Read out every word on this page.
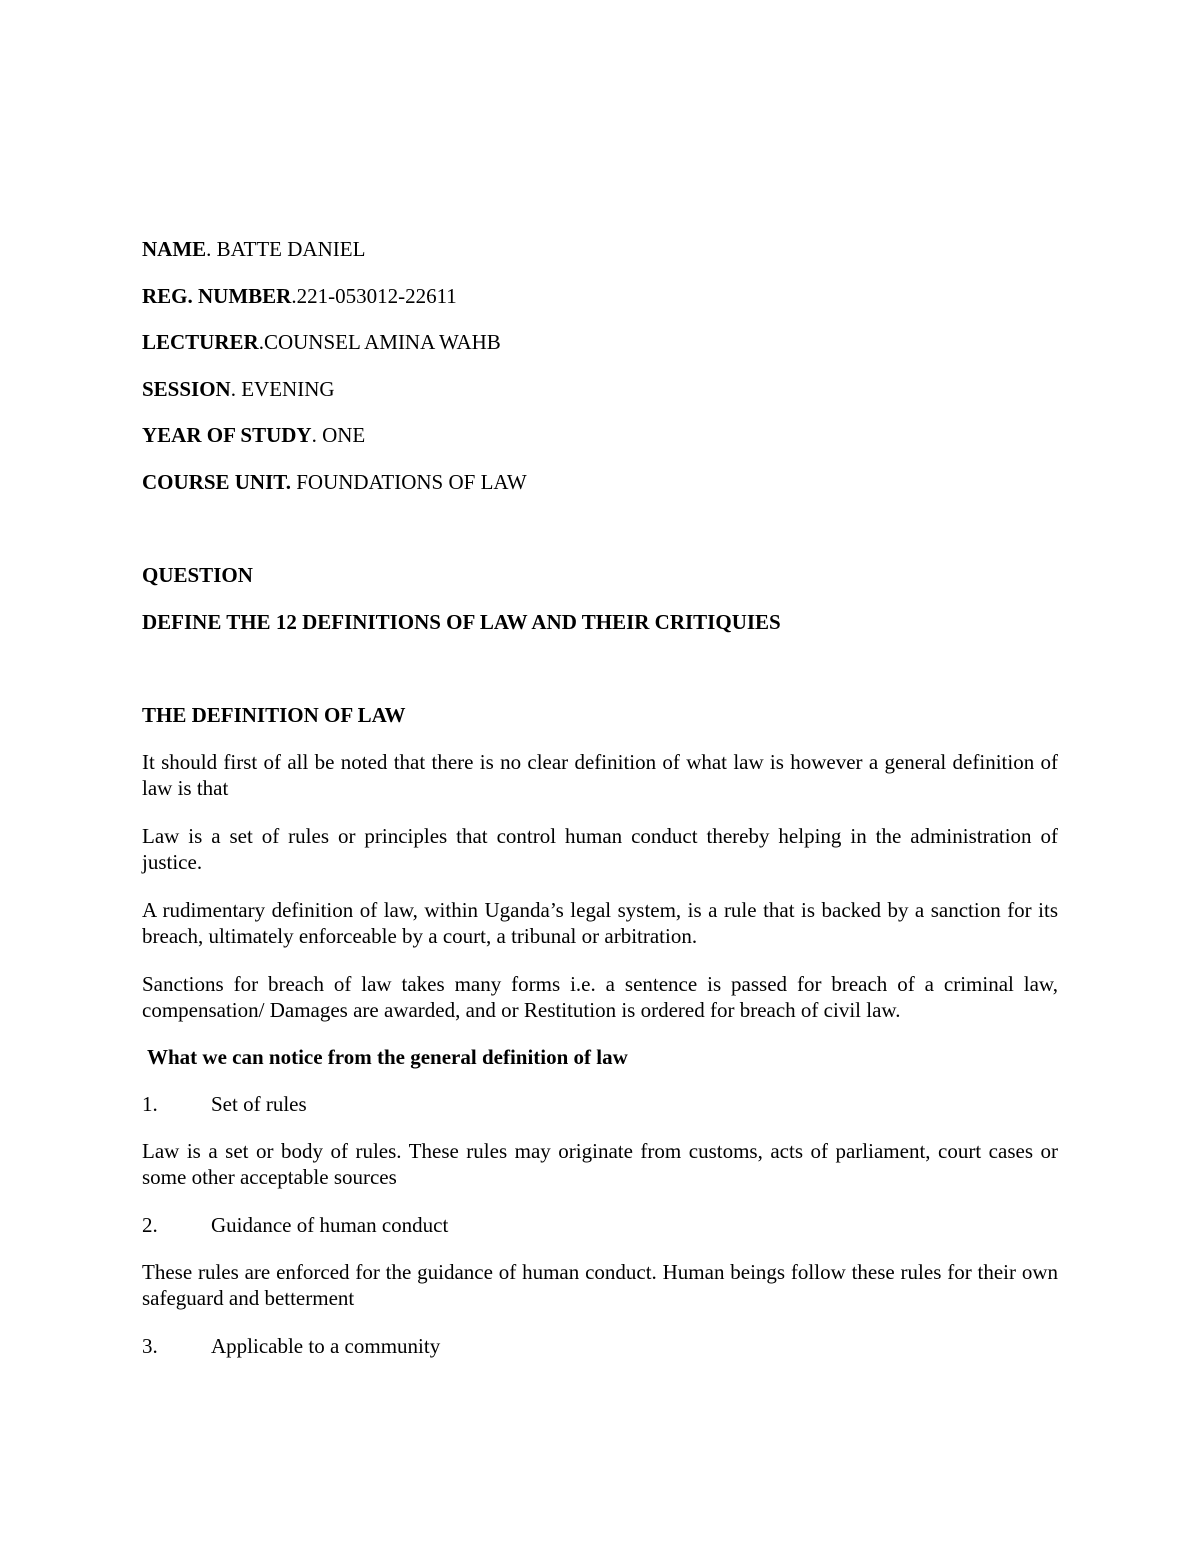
NAME. BATTE DANIEL
REG. NUMBER.221-053012-22611
LECTURER.COUNSEL AMINA WAHB
SESSION. EVENING
YEAR OF STUDY. ONE
COURSE UNIT. FOUNDATIONS OF LAW
QUESTION
DEFINE THE 12 DEFINITIONS OF LAW AND THEIR CRITIQUIES
THE DEFINITION OF LAW
It should first of all be noted that there is no clear definition of what law is however a general definition of law is that
Law is a set of rules or principles that control human conduct thereby helping in the administration of justice.
A rudimentary definition of law, within Uganda’s legal system, is a rule that is backed by a sanction for its breach, ultimately enforceable by a court, a tribunal or arbitration.
Sanctions for breach of law takes many forms i.e. a sentence is passed for breach of a criminal law, compensation/ Damages are awarded, and or Restitution is ordered for breach of civil law.
What we can notice from the general definition of law
1.	Set of rules
Law is a set or body of rules. These rules may originate from customs, acts of parliament, court cases or some other acceptable sources
2.	Guidance of human conduct
These rules are enforced for the guidance of human conduct. Human beings follow these rules for their own safeguard and betterment
3.	Applicable to a community
